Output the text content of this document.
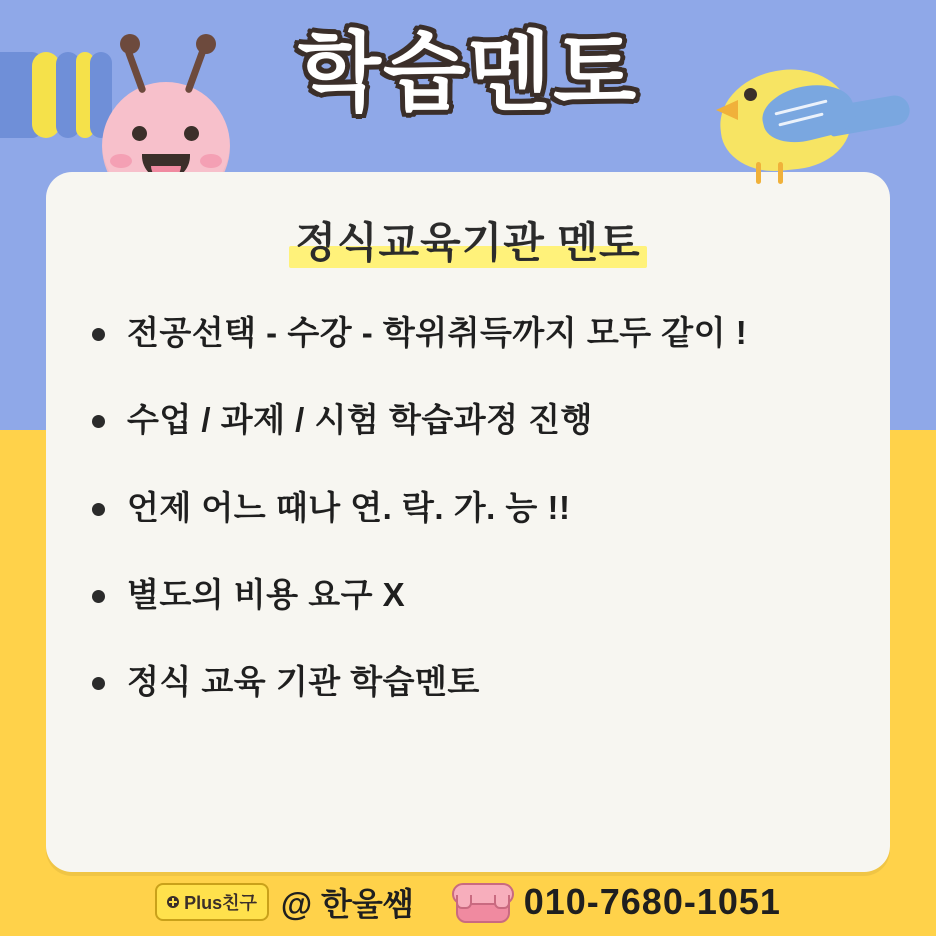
학습멘토
정식교육기관 멘토
전공선택 - 수강 - 학위취득까지 모두 같이 !
수업 / 과제 / 시험 학습과정 진행
언제 어느 때나 연. 락. 가. 능 !!
별도의 비용 요구 X
정식 교육 기관 학습멘토
Plus친구 @ 한울쌤	010-7680-1051
